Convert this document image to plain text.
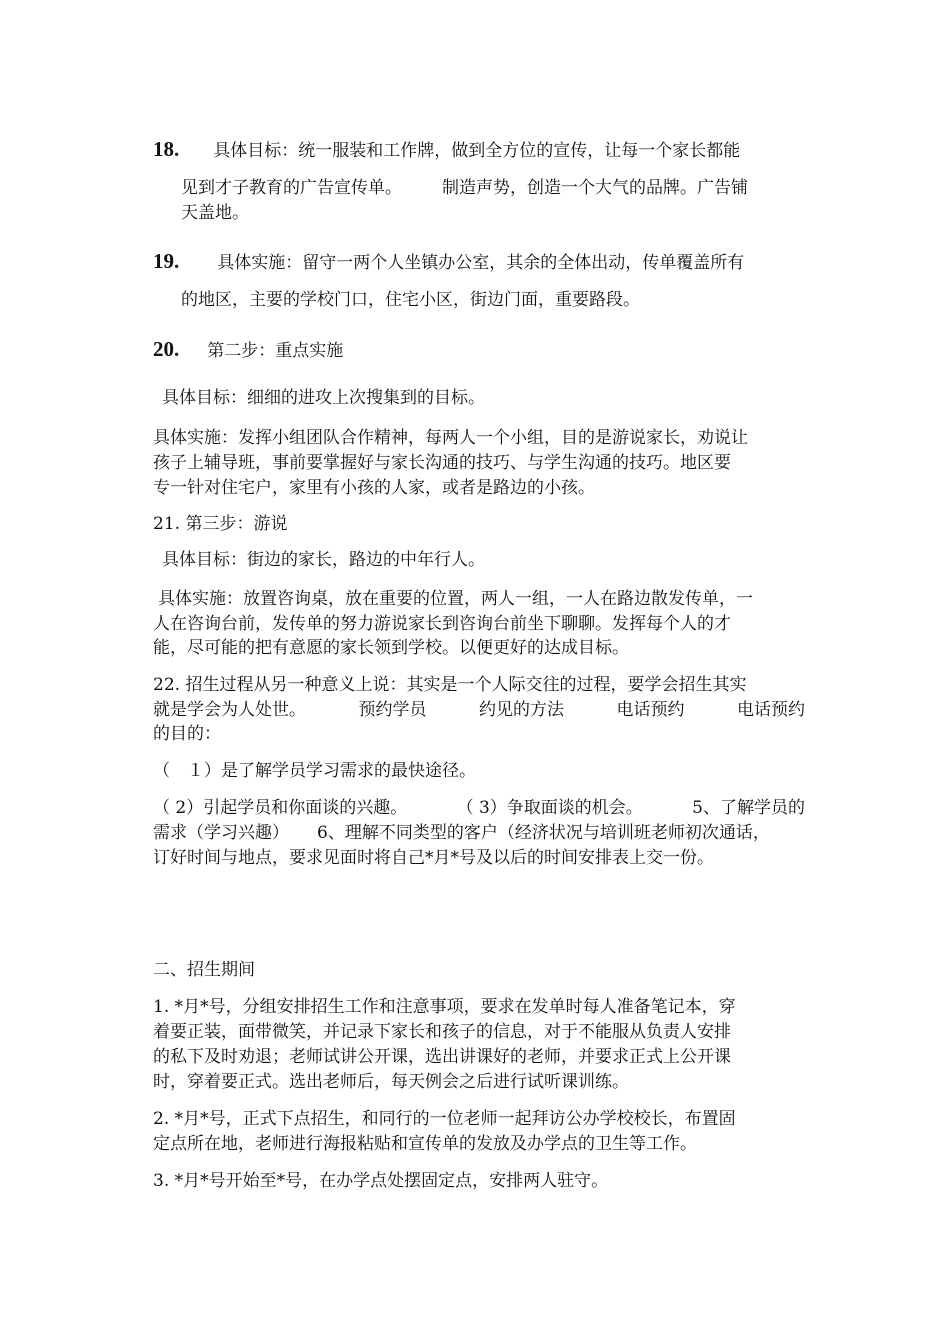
18. 具体目标：统一服装和工作牌，做到全方位的宣传，让每一个家长都能
见到才子教育的广告宣传单。 制造声势，创造一个大气的品牌。广告铺
天盖地。
19. 具体实施：留守一两个人坐镇办公室，其余的全体出动，传单覆盖所有
的地区，主要的学校门口，住宅小区，街边门面，重要路段。
20. 第二步：重点实施
具体目标：细细的进攻上次搜集到的目标。
具体实施：发挥小组团队合作精神，每两人一个小组，目的是游说家长，劝说让
孩子上辅导班，事前要掌握好与家长沟通的技巧、与学生沟通的技巧。地区要
专一针对住宅户，家里有小孩的人家，或者是路边的小孩。
21. 第三步：游说
具体目标：街边的家长，路边的中年行人。
具体实施：放置咨询桌，放在重要的位置，两人一组，一人在路边散发传单，一
人在咨询台前，发传单的努力游说家长到咨询台前坐下聊聊。发挥每个人的才
能，尽可能的把有意愿的家长领到学校。以便更好的达成目标。
22. 招生过程从另一种意义上说：其实是一个人际交往的过程，要学会招生其实
就是学会为人处世。	预约学员	约见的方法	电话预约	电话预约
的目的：
（　１）是了解学员学习需求的最快途径。
（ 2）引起学员和你面谈的兴趣。	（ 3）争取面谈的机会。	5、了解学员的
需求（学习兴趣） 6、理解不同类型的客户（经济状况与培训班老师初次通话，
订好时间与地点，要求见面时将自己*月*号及以后的时间安排表上交一份。
二、招生期间
1. *月*号，分组安排招生工作和注意事项，要求在发单时每人准备笔记本，穿
着要正装，面带微笑，并记录下家长和孩子的信息，对于不能服从负责人安排
的私下及时劝退；老师试讲公开课，选出讲课好的老师，并要求正式上公开课
时，穿着要正式。选出老师后，每天例会之后进行试听课训练。
2. *月*号，正式下点招生，和同行的一位老师一起拜访公办学校校长，布置固
定点所在地，老师进行海报粘贴和宣传单的发放及办学点的卫生等工作。
3. *月*号开始至*号，在办学点处摆固定点，安排两人驻守。
